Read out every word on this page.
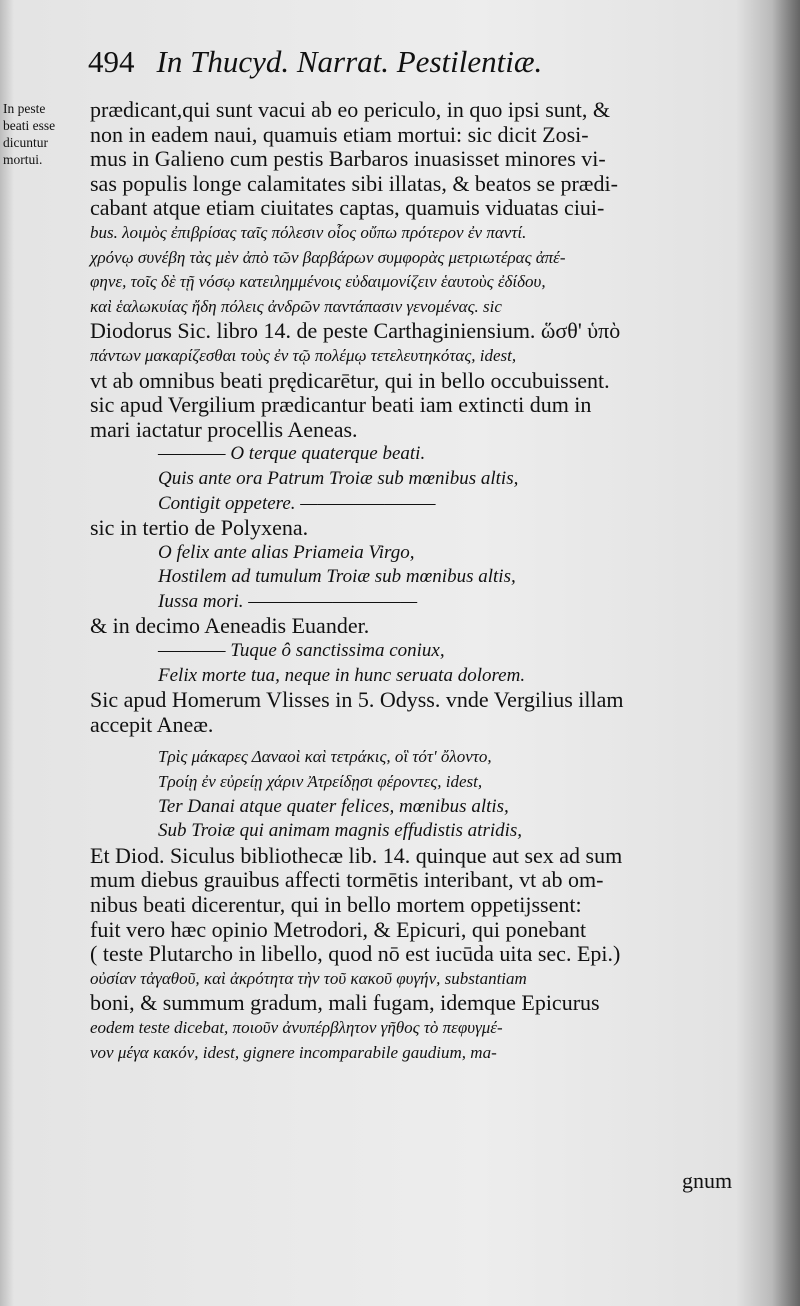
494 In Thucyd. Narrat. Pestilentiæ.
In peste
beati esse
dicuntur
mortui.
prædicant,qui sunt vacui ab eo periculo, in quo ipsi sunt, &
non in eadem naui, quamuis etiam mortui: sic dicit Zosi-
mus in Galieno cum pestis Barbaros inuasisset minores vi-
sas populis longe calamitates sibi illatas, & beatos se prædi-
cabant atque etiam ciuitates captas, quamuis viduatas ciui-
bus. λοιμὸς ἐπιβρίσας ταῖς πόλεσιν οἷος οὔπω πρότερον ἐν παντί.
χρόνῳ συνέβη τὰς μὲν ἀπὸ τῶν βαρβάρων συμφορὰς μετριωτέρας ἀπέ-
φηνε, τοῖς δὲ τῇ νόσῳ κατειλημμένοις εὐδαιμονίζειν ἑαυτοὺς ἐδίδου,
καὶ ἑαλωκυίας ἤδη πόλεις ἀνδρῶν παντάπασιν γενομένας. sic
Diodorus Sic. libro 14. de peste Carthaginiensium. ὥσθ' ὑπὸ
πάντων μακαρίζεσθαι τοὺς ἐν τῷ πολέμῳ τετελευτηκότας, idest,
vt ab omnibus beati prędicarētur, qui in bello occubuissent.
sic apud Vergilium prædicantur beati iam extincti dum in
mari iactatur procellis Aeneas.
———— O terque quaterque beati.
Quis ante ora Patrum Troiæ sub mœnibus altis,
Contigit oppetere. ————————
sic in tertio de Polyxena.
O felix ante alias Priameia Virgo,
Hostilem ad tumulum Troiæ sub mœnibus altis,
Iussa mori. ——————————
& in decimo Aeneadis Euander.
———— Tuque ô sanctissima coniux,
Felix morte tua, neque in hunc seruata dolorem.
Sic apud Homerum Vlisses in 5. Odyss. vnde Vergilius illam
accepit Aneæ.
Τρὶς μάκαρες Δαναοὶ καὶ τετράκις, οἳ τότ' ὄλοντο,
Τροίῃ ἐν εὐρείῃ χάριν Ἀτρείδῃσι φέροντες, idest,
Ter Danai atque quater felices, mœnibus altis,
Sub Troiæ qui animam magnis effudistis atridis,
Et Diod. Siculus bibliothecæ lib. 14. quinque aut sex ad sum
mum diebus grauibus affecti tormētis interibant, vt ab om-
nibus beati dicerentur, qui in bello mortem oppetijssent:
fuit vero hæc opinio Metrodori, & Epicuri, qui ponebant
( teste Plutarcho in libello, quod nō est iucūda uita sec. Epi.)
οὐσίαν τἀγαθοῦ, καὶ ἀκρότητα τὴν τοῦ κακοῦ φυγήν, substantiam
boni, & summum gradum, mali fugam, idemque Epicurus
eodem teste dicebat, ποιοῦν ἀνυπέρβλητον γῆθος τὸ πεφυγμέ-
νον μέγα κακόν, idest, gignere incomparabile gaudium, ma-
gnum
